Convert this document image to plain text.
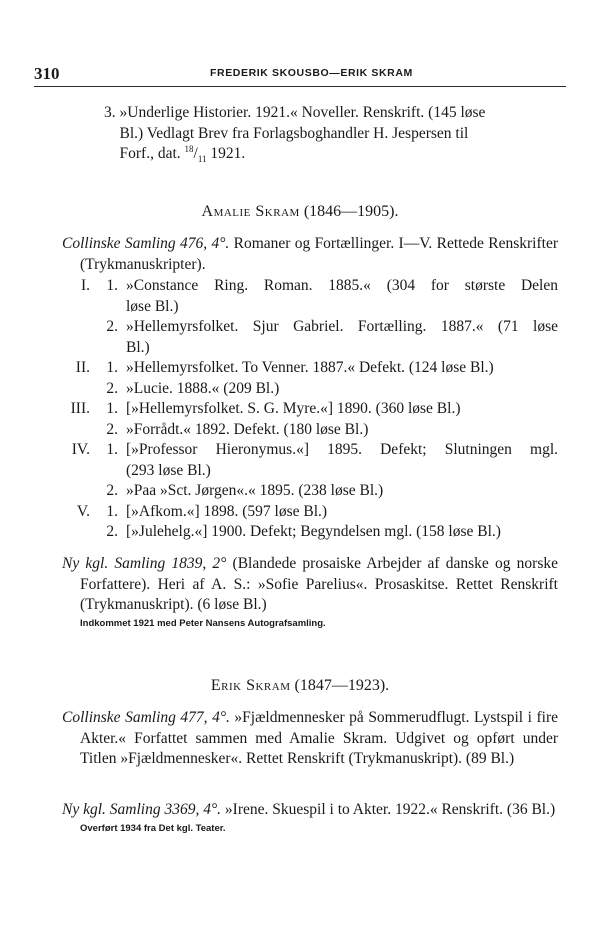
310	FREDERIK SKOUSBO—ERIK SKRAM
3.
»Underlige Historier. 1921.« Noveller. Renskrift. (145 løse

Bl.) Vedlagt Brev fra Forlagsboghandler H. Jespersen til

Forf., dat. $^{18}/_{11}$ 1921.

Amalie Skram (1846—1905).

Collinske Samling 476, 4°. Romaner og Fortællinger. I—V. Rettede Renskrifter (Trykmanuskripter).

I.	1. »Constance Ring. Roman. 1885.« (304 for største Delen

løse Bl.)

2. »Hellemyrsfolket. Sjur Gabriel. Fortælling. 1887.« (71 løse

Bl.)

II.	1. »Hellemyrsfolket. To Venner. 1887.« Defekt. (124 løse Bl.)

2. »Lucie. 1888.« (209 Bl.)

III.	1. [»Hellemyrsfolket. S. G. Myre.«] 1890. (360 løse Bl.)

2. »Forrådt.« 1892. Defekt. (180 løse Bl.)

IV.	1. [»Professor Hieronymus.«] 1895. Defekt; Slutningen mgl.

(293 løse Bl.)

2. »Paa »Sct. Jørgen«.« 1895. (238 løse Bl.)

V.	1. [»Afkom.«] 1898. (597 løse Bl.)

2. [»Julehelg.«] 1900. Defekt; Begyndelsen mgl. (158 løse Bl.)

Ny kgl. Samling 1839, 2° (Blandede prosaiske Arbejder af danske og norske Forfattere). Heri af A. S.: »Sofie Parelius«. Prosaskitse. Rettet Renskrift (Trykmanuskript). (6 løse Bl.)

Indkommet 1921 med Peter Nansens Autografsamling.

Erik Skram (1847—1923).

Collinske Samling 477, 4°. »Fjældmennesker på Sommerudflugt. Lystspil i fire Akter.« Forfattet sammen med Amalie Skram. Udgivet og opført under Titlen »Fjældmennesker«. Rettet Renskrift (Trykmanuskript). (89 Bl.)

Ny kgl. Samling 3369, 4°. »Irene. Skuespil i to Akter. 1922.« Renskrift. (36 Bl.)

Overført 1934 fra Det kgl. Teater.
